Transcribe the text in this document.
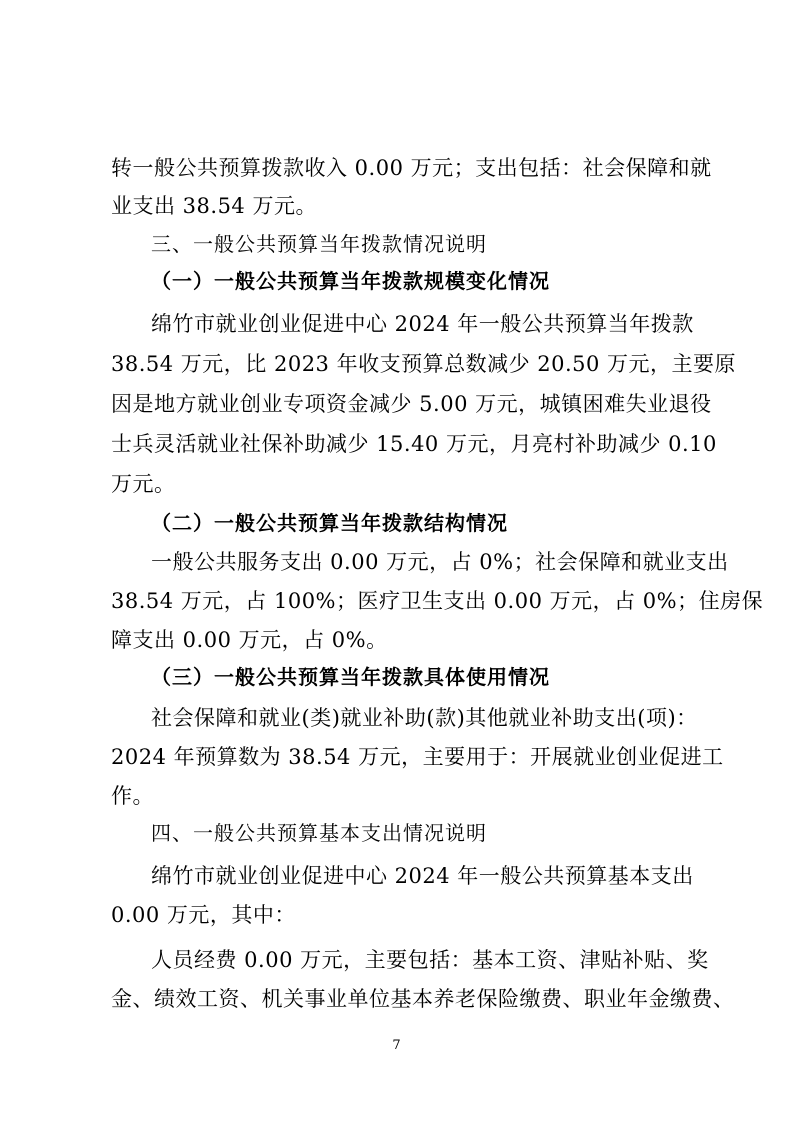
转一般公共预算拨款收入 0.00 万元；支出包括：社会保障和就

业支出 38.54 万元。

三、一般公共预算当年拨款情况说明

（一）一般公共预算当年拨款规模变化情况

绵竹市就业创业促进中心 2024 年一般公共预算当年拨款

38.54 万元，比 2023 年收支预算总数减少 20.50 万元，主要原

因是地方就业创业专项资金减少 5.00 万元，城镇困难失业退役

士兵灵活就业社保补助减少 15.40 万元，月亮村补助减少 0.10

万元。

（二）一般公共预算当年拨款结构情况

一般公共服务支出 0.00 万元，占 0%；社会保障和就业支出

38.54 万元，占 100%；医疗卫生支出 0.00 万元，占 0%；住房保

障支出 0.00 万元，占 0%。

（三）一般公共预算当年拨款具体使用情况

社会保障和就业(类)就业补助(款)其他就业补助支出(项)：

2024 年预算数为 38.54 万元，主要用于：开展就业创业促进工

作。

四、一般公共预算基本支出情况说明

绵竹市就业创业促进中心 2024 年一般公共预算基本支出

0.00 万元，其中：

人员经费 0.00 万元，主要包括：基本工资、津贴补贴、奖

金、绩效工资、机关事业单位基本养老保险缴费、职业年金缴费、

7
